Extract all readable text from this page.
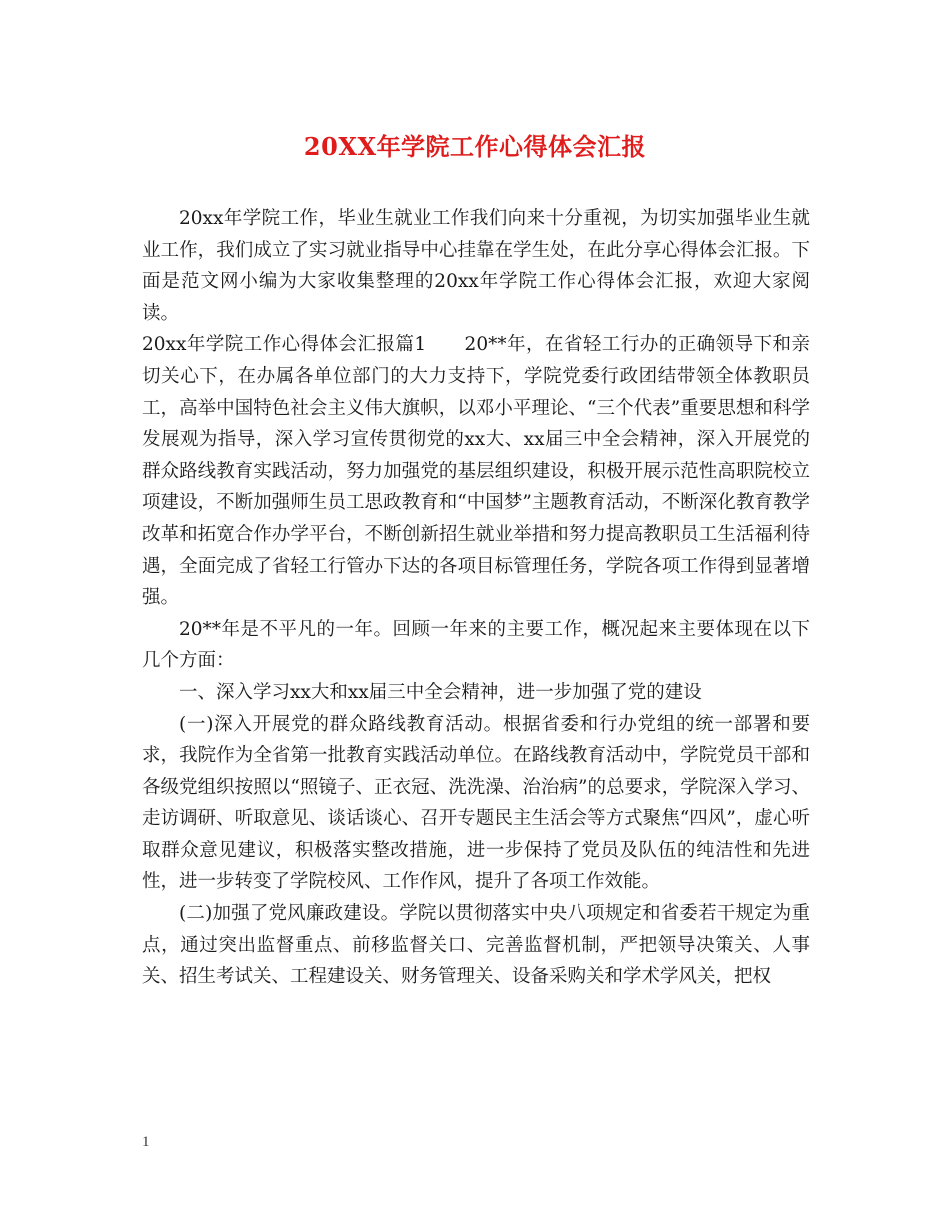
20XX年学院工作心得体会汇报

20xx年学院工作，毕业生就业工作我们向来十分重视，为切实加强毕业生就业工作，我们成立了实习就业指导中心挂靠在学生处，在此分享心得体会汇报。下面是范文网小编为大家收集整理的20xx年学院工作心得体会汇报，欢迎大家阅读。

20xx年学院工作心得体会汇报篇1　　20**年，在省轻工行办的正确领导下和亲切关心下，在办属各单位部门的大力支持下，学院党委行政团结带领全体教职员工，高举中国特色社会主义伟大旗帜，以邓小平理论、“三个代表”重要思想和科学发展观为指导，深入学习宣传贯彻党的xx大、xx届三中全会精神，深入开展党的群众路线教育实践活动，努力加强党的基层组织建设，积极开展示范性高职院校立项建设，不断加强师生员工思政教育和“中国梦”主题教育活动，不断深化教育教学改革和拓宽合作办学平台，不断创新招生就业举措和努力提高教职员工生活福利待遇，全面完成了省轻工行管办下达的各项目标管理任务，学院各项工作得到显著增强。

20**年是不平凡的一年。回顾一年来的主要工作，概况起来主要体现在以下几个方面：

一、深入学习xx大和xx届三中全会精神，进一步加强了党的建设

(一)深入开展党的群众路线教育活动。根据省委和行办党组的统一部署和要求，我院作为全省第一批教育实践活动单位。在路线教育活动中，学院党员干部和各级党组织按照以“照镜子、正衣冠、洗洗澡、治治病”的总要求，学院深入学习、走访调研、听取意见、谈话谈心、召开专题民主生活会等方式聚焦“四风”，虚心听取群众意见建议，积极落实整改措施，进一步保持了党员及队伍的纯洁性和先进性，进一步转变了学院校风、工作作风，提升了各项工作效能。

(二)加强了党风廉政建设。学院以贯彻落实中央八项规定和省委若干规定为重点，通过突出监督重点、前移监督关口、完善监督机制，严把领导决策关、人事关、招生考试关、工程建设关、财务管理关、设备采购关和学术学风关，把权

1
